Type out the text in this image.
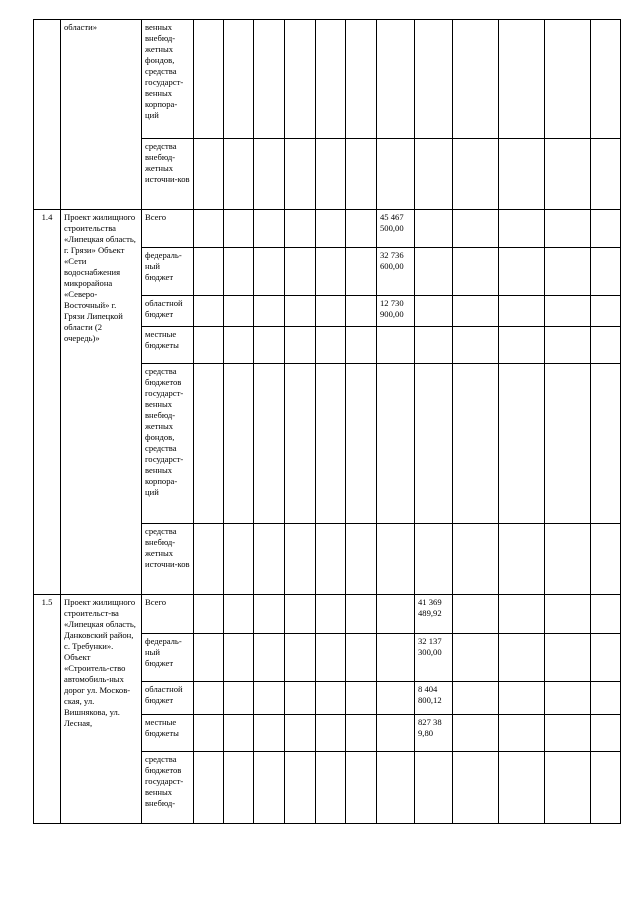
	области»	венных внебюд-жетных фондов, средства государст-венных корпора-ций												
		средства внебюд-жетных источни-ков												
1.4	Проект жилищного строительства «Липецкая область, г. Грязи» Объект «Сети водоснабжения микрорайона «Северо-Восточный» г. Грязи Липецкой области (2 очередь)»	Всего							45 467 500,00					
		федераль-ный бюджет							32 736 600,00					
		областной бюджет							12 730 900,00					
		местные бюджеты												
		средства бюджетов государст-венных внебюд-жетных фондов, средства государст-венных корпора-ций												
		средства внебюд-жетных источни-ков												
1.5	Проект жилищного строительст-ва «Липецкая область, Данковский район, с. Требунки». Объект «Строитель-ство автомобиль-ных дорог ул. Москов-ская, ул. Вишнякова, ул. Лесная,	Всего								41 369 489,92				
		федераль-ный бюджет								32 137 300,00				
		областной бюджет								8 404 800,12				
		местные бюджеты								827 38 9,80				
		средства бюджетов государст-венных внебюд-												
